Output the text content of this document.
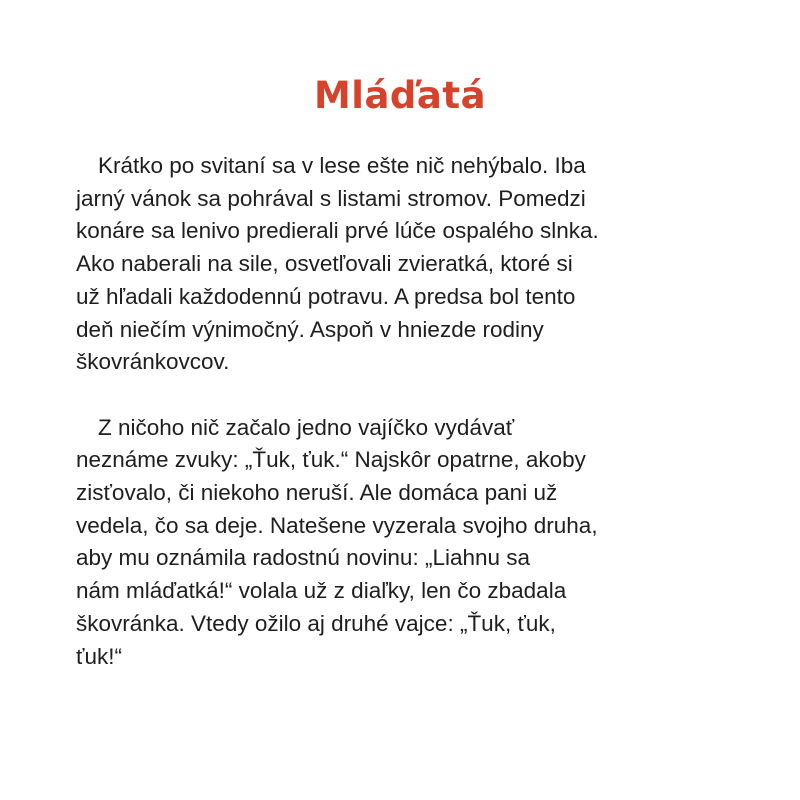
Mláďatá

Krátko po svitaní sa v lese ešte nič nehýbalo. Iba
jarný vánok sa pohrával s listami stromov. Pomedzi
konáre sa lenivo predierali prvé lúče ospalého slnka.
Ako naberali na sile, osvetľovali zvieratká, ktoré si
už hľadali každodennú potravu. A predsa bol tento
deň niečím výnimočný. Aspoň v hniezde rodiny
škovránkovcov.

Z ničoho nič začalo jedno vajíčko vydávať
neznáme zvuky: „Ťuk, ťuk.“ Najskôr opatrne, akoby
zisťovalo, či niekoho neruší. Ale domáca pani už
vedela, čo sa deje. Natešene vyzerala svojho druha,
aby mu oznámila radostnú novinu: „Liahnu sa
nám mláďatká!“ volala už z diaľky, len čo zbadala
škovránka. Vtedy ožilo aj druhé vajce: „Ťuk, ťuk,
ťuk!“
